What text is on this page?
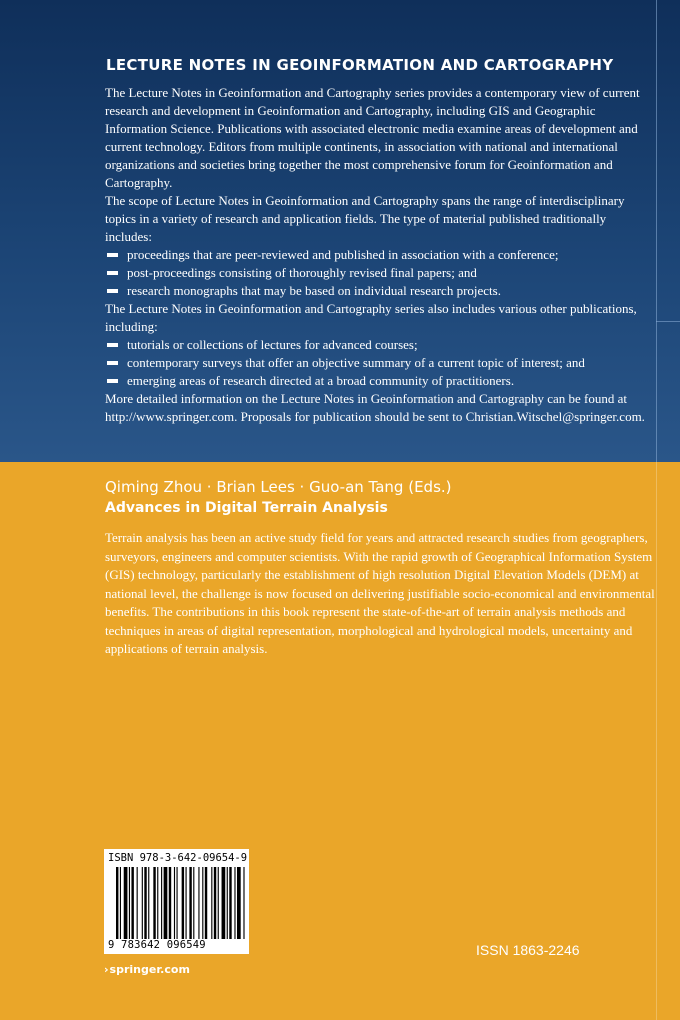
LECTURE NOTES IN GEOINFORMATION AND CARTOGRAPHY

The Lecture Notes in Geoinformation and Cartography series provides a contemporary view of current research and development in Geoinformation and Cartography, including GIS and Geographic Information Science. Publications with associated electronic media examine areas of development and current technology. Editors from multiple continents, in association with national and international organizations and societies bring together the most comprehensive forum for Geoinformation and Cartography.

The scope of Lecture Notes in Geoinformation and Cartography spans the range of interdisciplinary topics in a variety of research and application fields. The type of material published traditionally includes:

proceedings that are peer-reviewed and published in association with a conference;
post-proceedings consisting of thoroughly revised final papers; and
research monographs that may be based on individual research projects.

The Lecture Notes in Geoinformation and Cartography series also includes various other publications, including:

tutorials or collections of lectures for advanced courses;
contemporary surveys that offer an objective summary of a current topic of interest; and
emerging areas of research directed at a broad community of practitioners.

More detailed information on the Lecture Notes in Geoinformation and Cartography can be found at http://www.springer.com. Proposals for publication should be sent to Christian.Witschel@springer.com.

Qiming Zhou · Brian Lees · Guo-an Tang (Eds.)
Advances in Digital Terrain Analysis
Terrain analysis has been an active study field for years and attracted research studies from geographers, surveyors, engineers and computer scientists. With the rapid growth of Geographical Information System (GIS) technology, particularly the establishment of high resolution Digital Elevation Models (DEM) at national level, the challenge is now focused on delivering justifiable socio-economical and environmental benefits. The contributions in this book represent the state-of-the-art of terrain analysis methods and techniques in areas of digital representation, morphological and hydrological models, uncertainty and applications of terrain analysis.
ISBN 978-3-642-09654-9
9 783642 096549	ISSN 1863-2246
›springer.com
